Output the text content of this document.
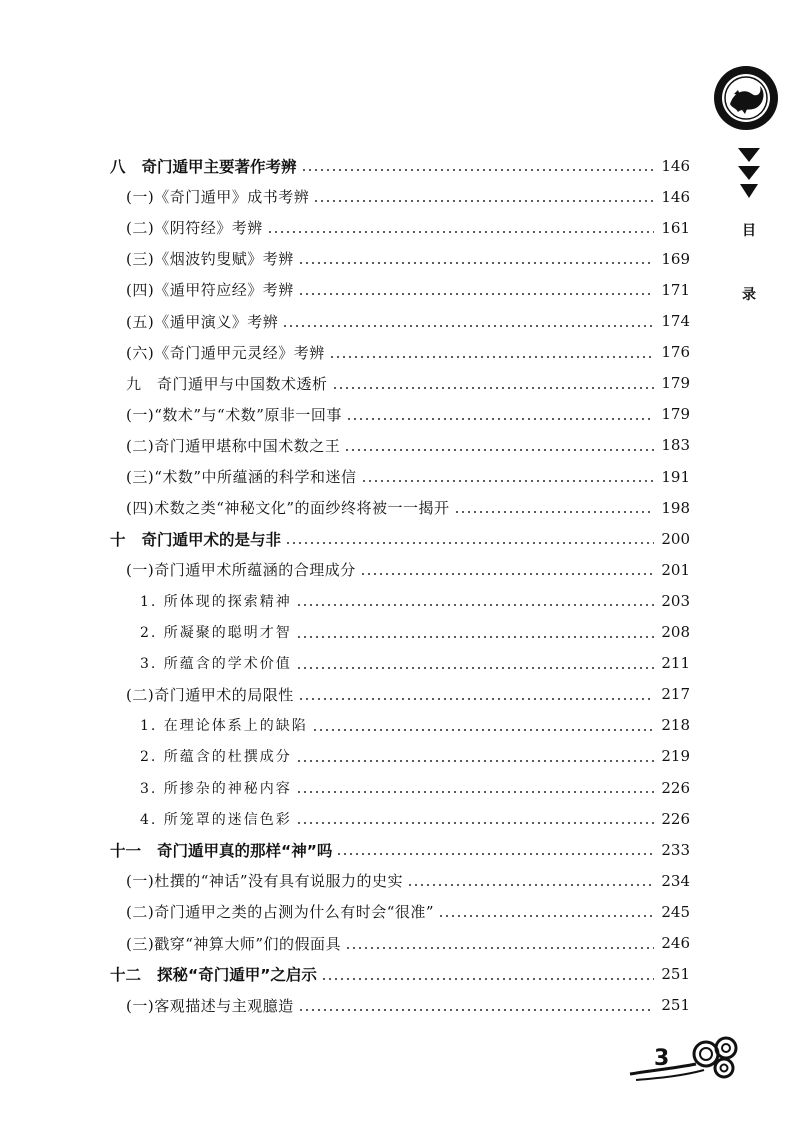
目
录
八 奇门遁甲主要著作考辨	146
(一)《奇门遁甲》成书考辨	146
(二)《阴符经》考辨	161
(三)《烟波钓叟赋》考辨	169
(四)《遁甲符应经》考辨	171
(五)《遁甲演义》考辨	174
(六)《奇门遁甲元灵经》考辨	176
九　奇门遁甲与中国数术透析	179
(一)“数术”与“术数”原非一回事	179
(二)奇门遁甲堪称中国术数之王	183
(三)“术数”中所蕴涵的科学和迷信	191
(四)术数之类“神秘文化”的面纱终将被一一揭开	198
十 奇门遁甲术的是与非	200
(一)奇门遁甲术所蕴涵的合理成分	201
1. 所体现的探索精神	203
2. 所凝聚的聪明才智	208
3. 所蕴含的学术价值	211
(二)奇门遁甲术的局限性	217
1. 在理论体系上的缺陷	218
2. 所蕴含的杜撰成分	219
3. 所掺杂的神秘内容	226
4. 所笼罩的迷信色彩	226
十一 奇门遁甲真的那样“神”吗	233
(一)杜撰的“神话”没有具有说服力的史实	234
(二)奇门遁甲之类的占测为什么有时会“很准”	245
(三)戳穿“神算大师”们的假面具	246
十二 探秘“奇门遁甲”之启示	251
(一)客观描述与主观臆造	251
3
